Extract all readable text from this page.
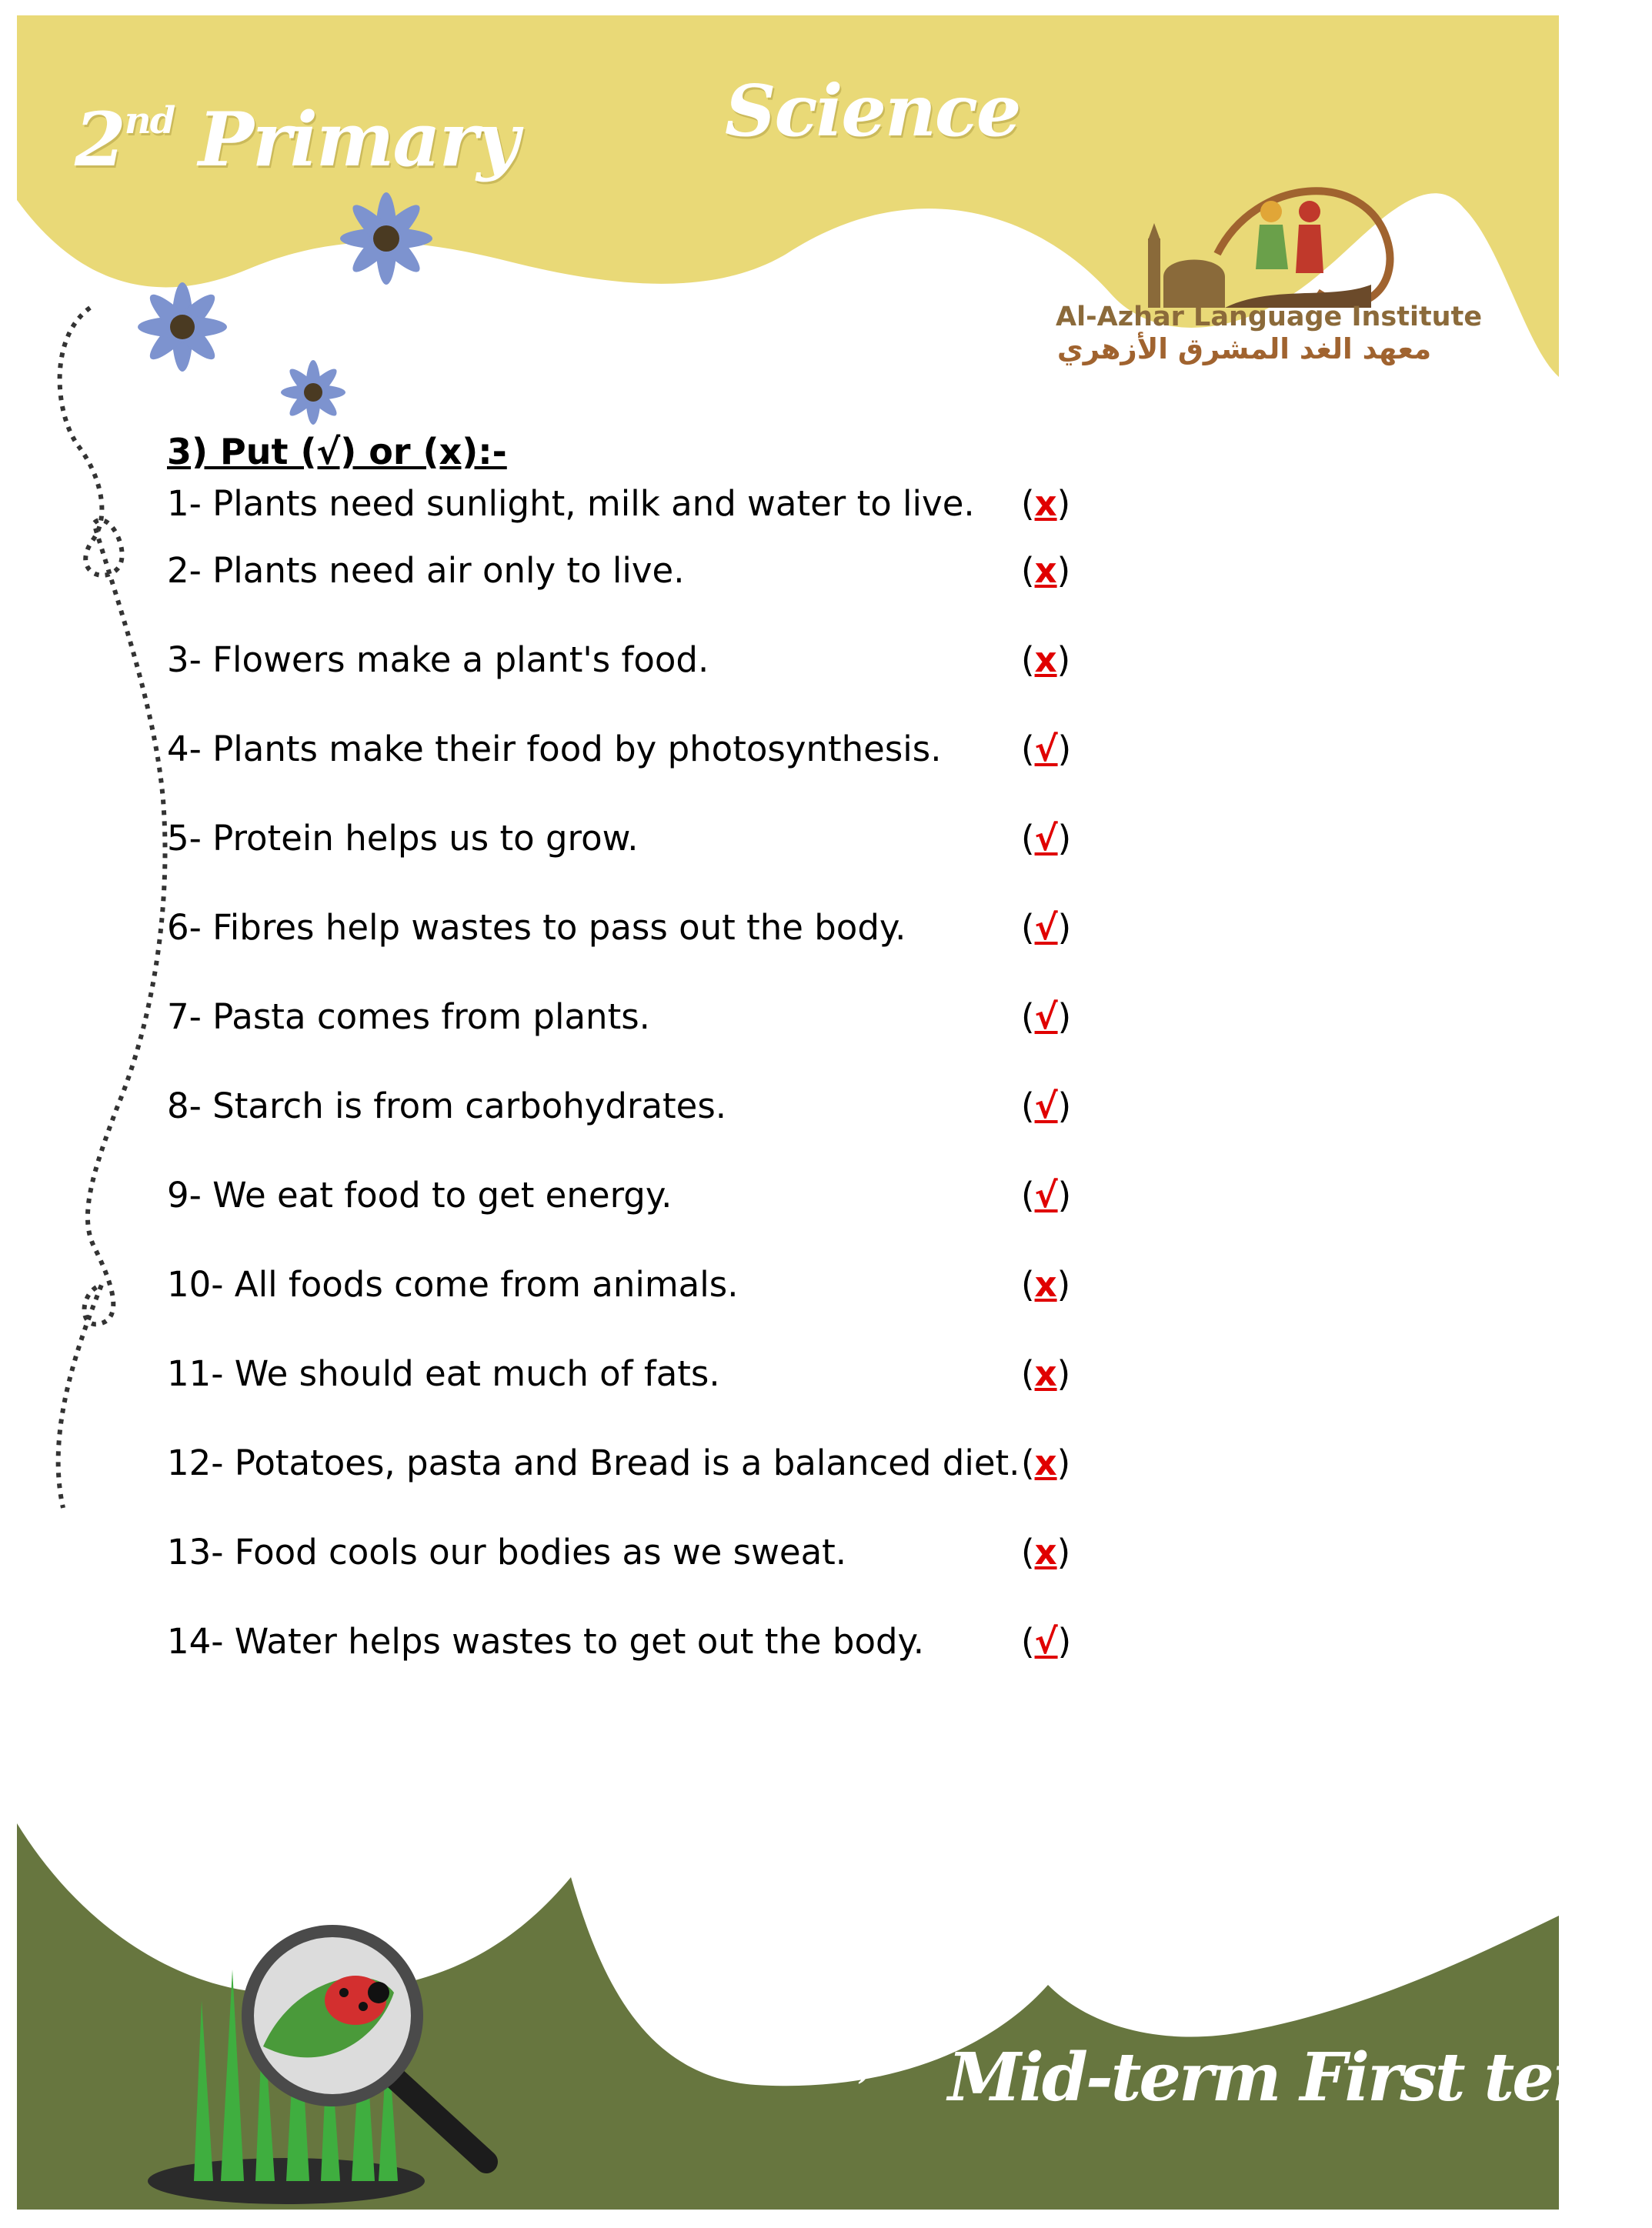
2nd Primary	Science
Al-Azhar Language Institute
معهد الغد المشرق الأزهري
3) Put (√) or (x):-
1- Plants need sunlight, milk and water to live. (x)
2- Plants need air only to live.	(x)
3- Flowers make a plant's food.	(x)
4- Plants make their food by photosynthesis. (√)
5- Protein helps us to grow.	(√)
6- Fibres help wastes to pass out the body.	(√)
7- Pasta comes from plants.	(√)
8- Starch is from carbohydrates.	(√)
9- We eat food to get energy.	(√)
10- All foods come from animals.	(x)
11- We should eat much of fats.	(x)
12- Potatoes, pasta and Bread is a balanced diet. (x)
13- Food cools our bodies as we sweat.	(x)
14- Water helps wastes to get out the body.	(√)
(10) Mid-term First term
